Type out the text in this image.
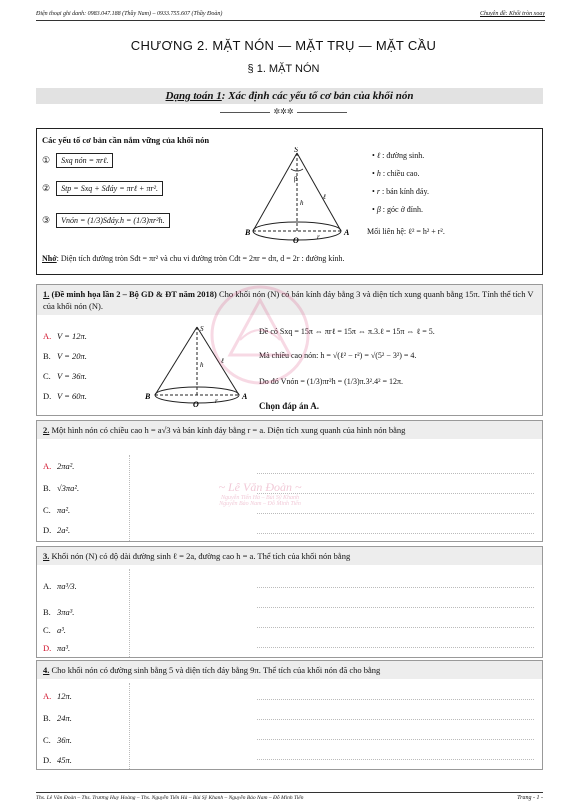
Điện thoại ghi danh: 0983.047.188 (Thầy Nam) – 0933.755.607 (Thầy Đoàn)	Chuyên đề: Khối tròn xoay
CHƯƠNG 2. MẶT NÓN — MẶT TRỤ — MẶT CẦU
§ 1. MẶT NÓN
Dạng toán 1: Xác định các yếu tố cơ bản của khối nón
✲✲✲
Các yếu tố cơ bản cần nắm vững của khối nón
①	Sxq nón = πrℓ.
②	Stp = Sxq + Sđáy = πrℓ + πr².
③	Vnón = (1/3)Sđáy.h = (1/3)πr²h.
S
β
h
ℓ
B
O	r	A
• ℓ : đường sinh.
• h : chiều cao.
• r : bán kính đáy.
• β : góc ở đỉnh.
Mối liên hệ: ℓ² = h² + r².
Nhớ: Diện tích đường tròn Sđt = πr² và chu vi đường tròn Cđt = 2πr = dπ, d = 2r : đường kính.
1. (Đề minh họa lần 2 – Bộ GD & ĐT năm 2018) Cho khối nón (N) có bán kính đáy bằng 3 và diện tích xung quanh bằng 15π. Tính thể tích V của khối nón (N).
A. V = 12π.
B. V = 20π.
C. V = 36π.
D. V = 60π.
S
h	ℓ
B
O r	A
Đề có Sxq = 15π ⇔ πrℓ = 15π ⇔ π.3.ℓ = 15π ⇔ ℓ = 5.
Mà chiều cao nón: h = √(ℓ² − r²) = √(5² − 3²) = 4.
Do đó Vnón = (1/3)πr²h = (1/3)π.3².4² = 12π.
Chọn đáp án A.
2. Một hình nón có chiều cao h = a√3 và bán kính đáy bằng r = a. Diện tích xung quanh của hình nón bằng
A. 2πa².
B. √3πa².
C. πa².
D. 2a².
3. Khối nón (N) có độ dài đường sinh ℓ = 2a, đường cao h = a. Thể tích của khối nón bằng
A. πa³/3.
B. 3πa³.
C. a³.
D. πa³.
4. Cho khối nón có đường sinh bằng 5 và diện tích đáy bằng 9π. Thể tích của khối nón đã cho bằng
A. 12π.
B. 24π.
C. 36π.
D. 45π.
~ Lê Văn Đoàn ~
Nguyễn Tiến Hà – Bùi Sỹ Khanh
Nguyễn Bảo Nam – Đỗ Minh Tiến
Ths. Lê Văn Đoàn – Ths. Trương Huy Hoàng – Ths. Nguyễn Tiến Hà – Bùi Sỹ Khanh – Nguyễn Bảo Nam – Đỗ Minh Tiến	Trang - 1 -
